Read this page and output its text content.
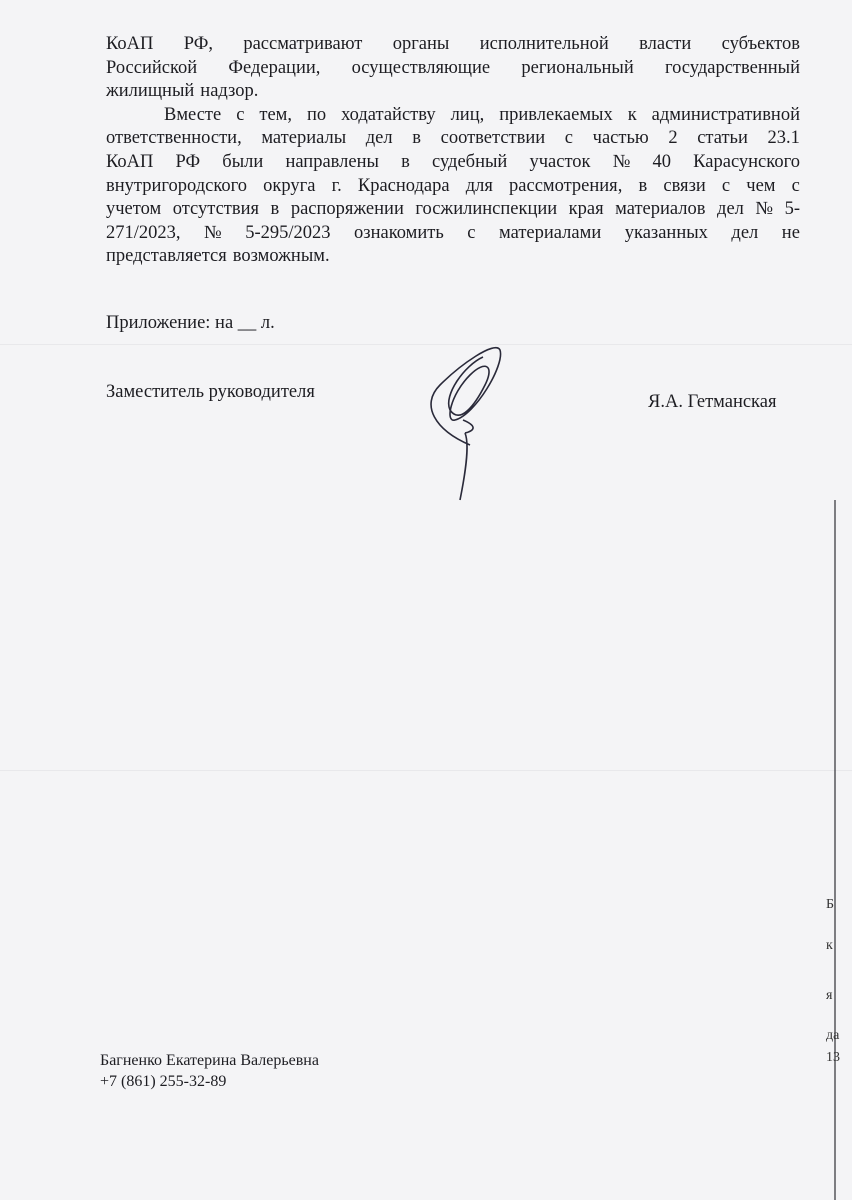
КоАП РФ, рассматривают органы исполнительной власти субъектов
Российской Федерации, осуществляющие региональный государственный
жилищный надзор.
Вместе с тем, по ходатайству лиц, привлекаемых к административной
ответственности, материалы дел в соответствии с частью 2 статьи 23.1
КоАП РФ были направлены в судебный участок № 40 Карасунского
внутригородского округа г. Краснодара для рассмотрения, в связи с чем с
учетом отсутствия в распоряжении госжилинспекции края материалов дел № 5-
271/2023, № 5-295/2023 ознакомить с материалами указанных дел не
представляется возможным.
Приложение: на __ л.
Заместитель руководителя	Я.А. Гетманская
Багненко Екатерина Валерьевна
+7 (861) 255-32-89
Б
к
я
да
13
